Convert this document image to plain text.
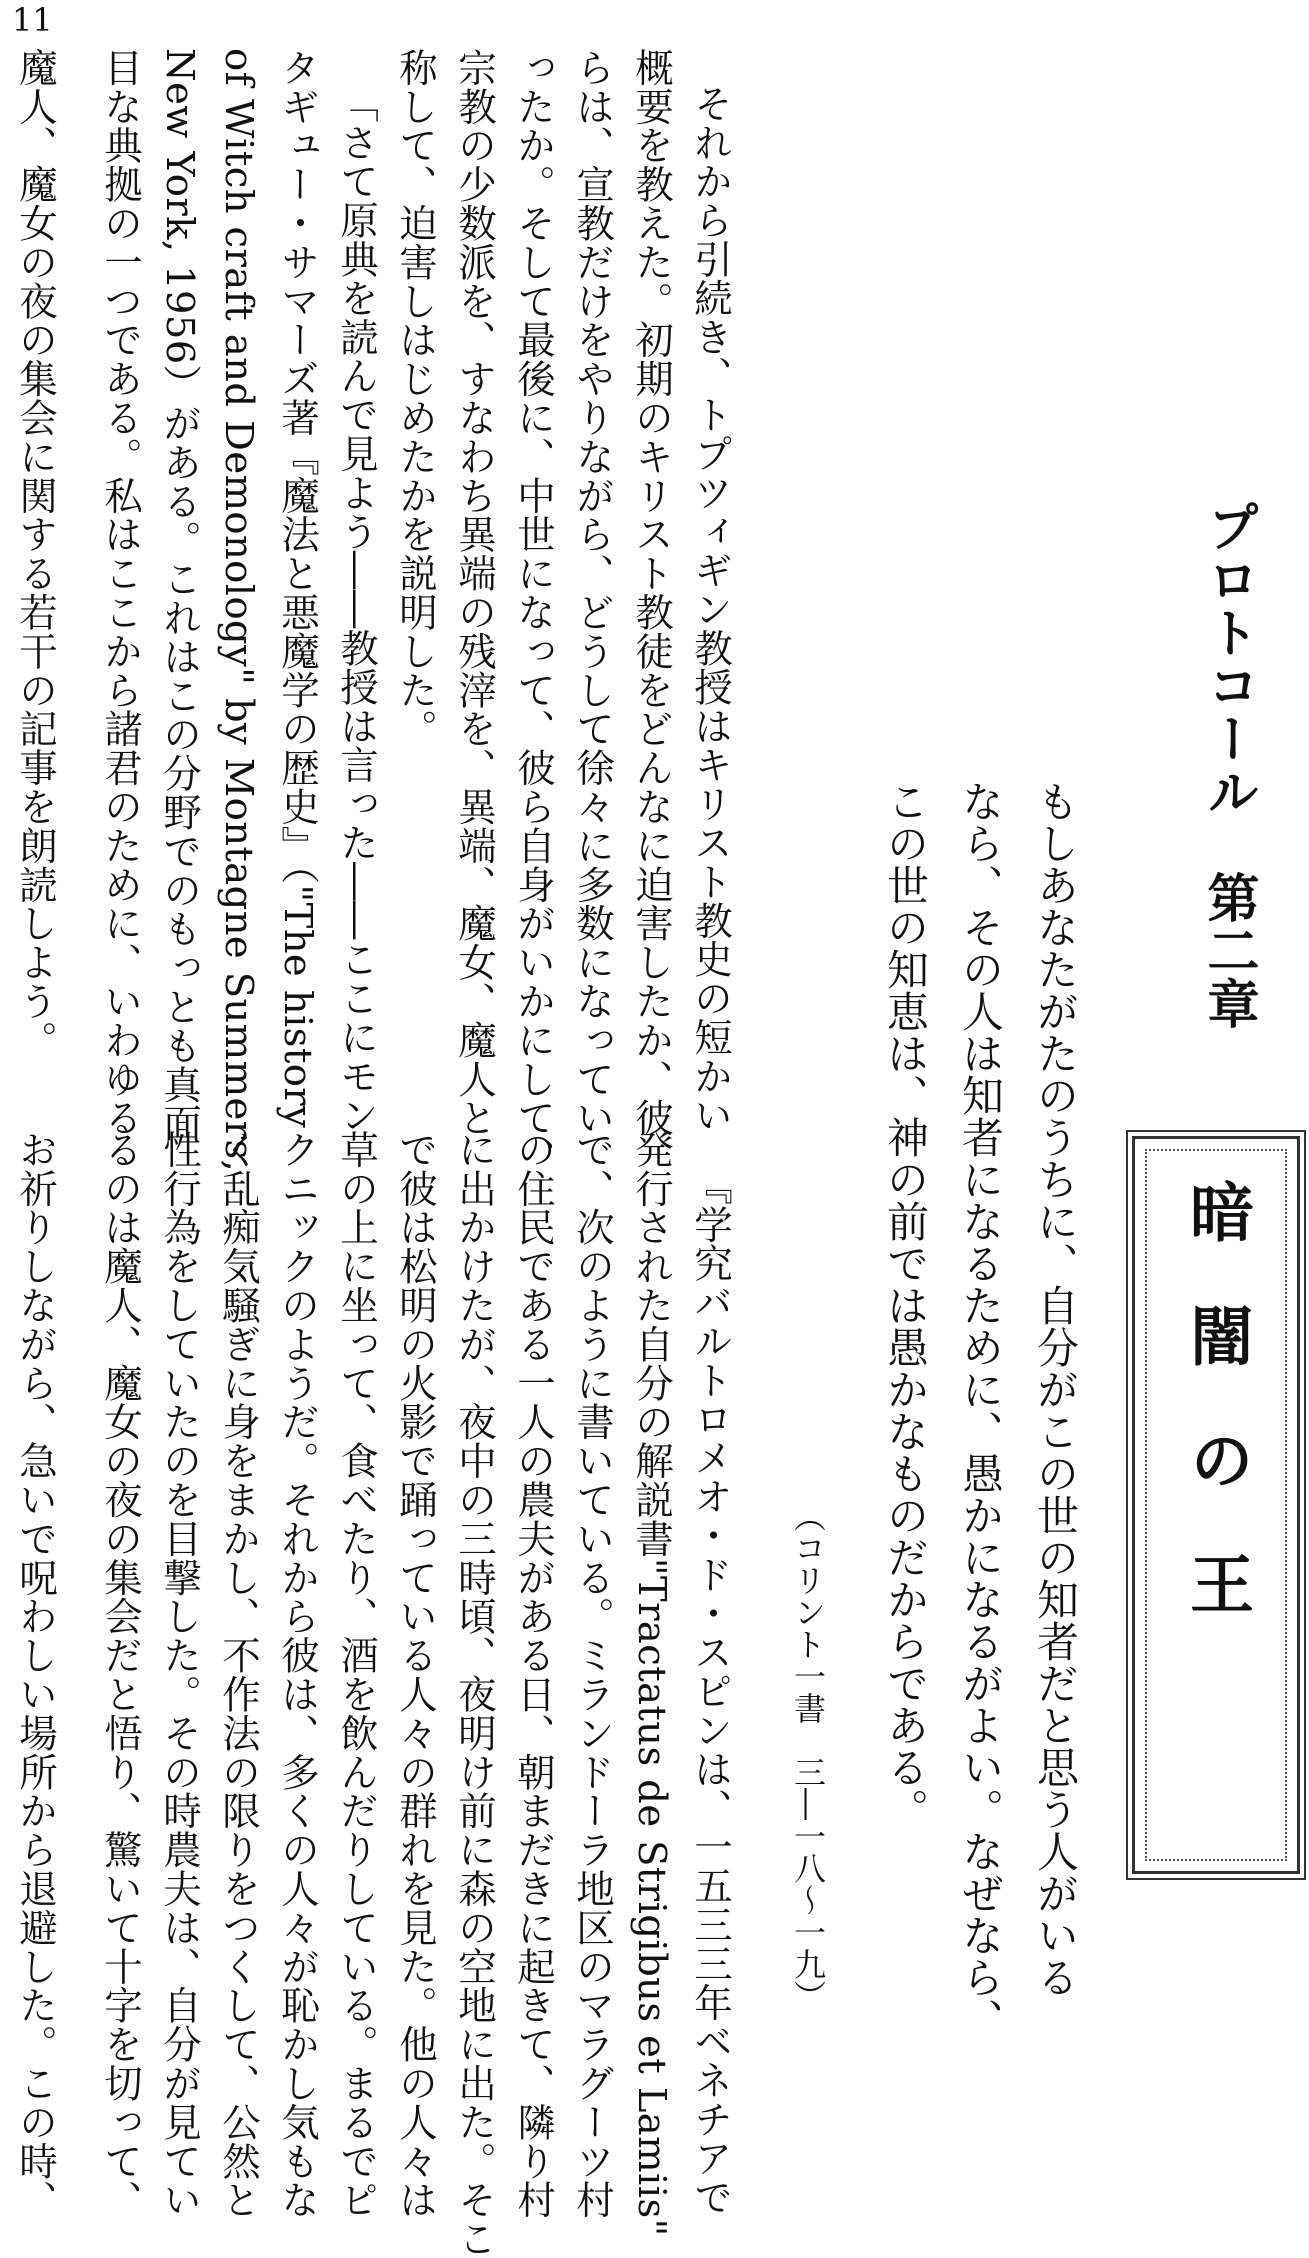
11
プロトコール　第二章
もしあなたがたのうちに、自分がこの世の知者だと思う人がいる
なら、その人は知者になるために、愚かになるがよい。なぜなら、
この世の知恵は、神の前では愚かなものだからである。
（コリント一書　三―一八～一九）
暗闇の王
それから引続き、トプツィギン教授はキリスト教史の短かい
概要を教えた。初期のキリスト教徒をどんなに迫害したか、彼
らは、宣教だけをやりながら、どうして徐々に多数になってい
ったか。そして最後に、中世になって、彼ら自身がいかにして、
宗教の少数派を、すなわち異端の残滓を、異端、魔女、魔人と
称して、迫害しはじめたかを説明した。
「さて原典を読んで見よう――教授は言った――ここにモン
タギュー・サマーズ著『魔法と悪魔学の歴史』（"The history
of Witch craft and Demonology" by Montagne Summers,
New York, 1956）がある。これはこの分野でのもっとも真面
目な典拠の一つである。私はここから諸君のために、いわゆる
魔人、魔女の夜の集会に関する若干の記事を朗読しよう。
『学究バルトロメオ・ド・スピンは、一五三三年ベネチアで
発行された自分の解説書"Tractatus de Strigibus et Lamiis"
で、次のように書いている。ミランドーラ地区のマラグーツ村
の住民である一人の農夫がある日、朝まだきに起きて、隣り村
に出かけたが、夜中の三時頃、夜明け前に森の空地に出た。そこ
で彼は松明の火影で踊っている人々の群れを見た。他の人々は
草の上に坐って、食べたり、酒を飲んだりしている。まるでピ
クニックのようだ。それから彼は、多くの人々が恥かし気もな
く乱痴気騒ぎに身をまかし、不作法の限りをつくして、公然と
性行為をしていたのを目撃した。その時農夫は、自分が見てい
るのは魔人、魔女の夜の集会だと悟り、驚いて十字を切って、
お祈りしながら、急いで呪わしい場所から退避した。この時、
